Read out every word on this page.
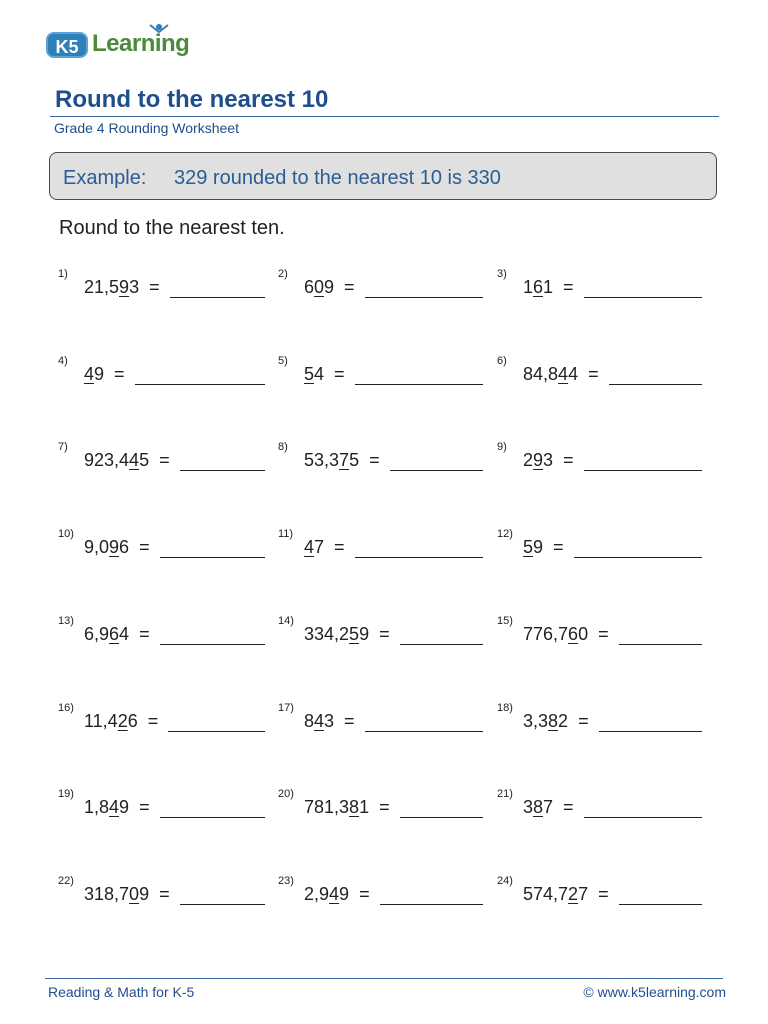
K5 Learning
Round to the nearest 10
Grade 4 Rounding Worksheet
Example: 329 rounded to the nearest 10 is 330
Round to the nearest ten.
1)
21,593 =
2)
609 =
3)
161 =
4)
49 =
5)
54 =
6)
84,844 =
7)
923,445 =
8)
53,375 =
9)
293 =
10)
9,096 =
11)
47 =
12)
59 =
13)
6,964 =
14)
334,259 =
15)
776,760 =
16)
11,426 =
17)
843 =
18)
3,382 =
19)
1,849 =
20)
781,381 =
21)
387 =
22)
318,709 =
23)
2,949 =
24)
574,727 =
Reading & Math for K-5	© www.k5learning.com
